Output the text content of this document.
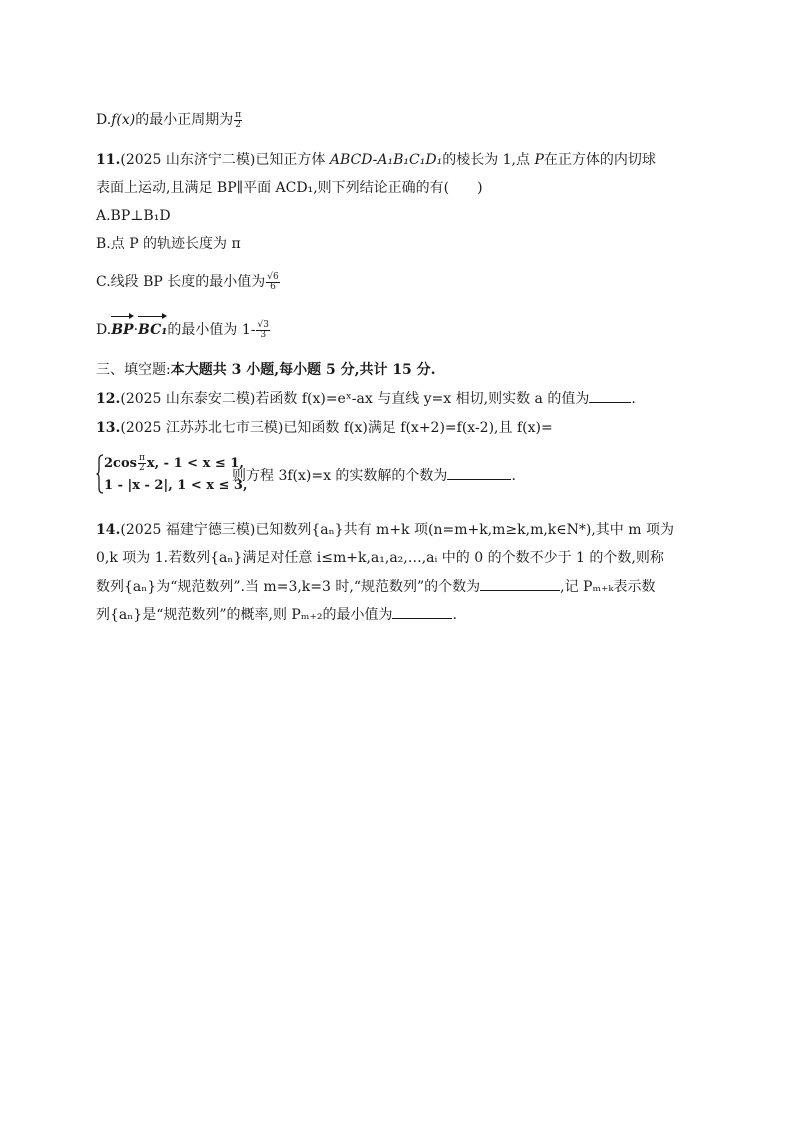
D.f(x)的最小正周期为 $\frac{\pi}{2}$
11.(2025 山东济宁二模)已知正方体 ABCD-A₁B₁C₁D₁的棱长为 1,点 P在正方体的内切球
表面上运动,且满足 BP∥平面 ACD₁,则下列结论正确的有(　　)
A.BP⊥B₁D
B.点 P 的轨迹长度为 π
C.线段 BP 长度的最小值为 $\frac{√6}{6}$
D.BP·BC₁的最小值为 $1- \frac{√3}{3}$
三、填空题:本大题共 3 小题,每小题 5 分,共计 15 分.
12.(2025 山东泰安二模)若函数 f(x)=eˣ-ax 与直线 y=x 相切,则实数 a 的值为	.
13.(2025 江苏苏北七市三模)已知函数 f(x)满足 f(x+2)=f(x-2),且 f(x)=
$2\cos \frac{\pi}{2} x$, - 1 < x ≤ 1,
1 - |x - 2|, 1 < x ≤ 3,
则方程 3f(x)=x 的实数解的个数为	.
14.(2025 福建宁德三模)已知数列{aₙ}共有 m+k 项(n=m+k,m≥k,m,k∈N*),其中 m 项为
0,k 项为 1.若数列{aₙ}满足对任意 i≤m+k,a₁,a₂,…,aᵢ 中的 0 的个数不少于 1 的个数,则称
数列{aₙ}为“规范数列”.当 m=3,k=3 时,“规范数列”的个数为	,记 Pₘ₊ₖ表示数
列{aₙ}是“规范数列”的概率,则 Pₘ₊₂的最小值为	.
